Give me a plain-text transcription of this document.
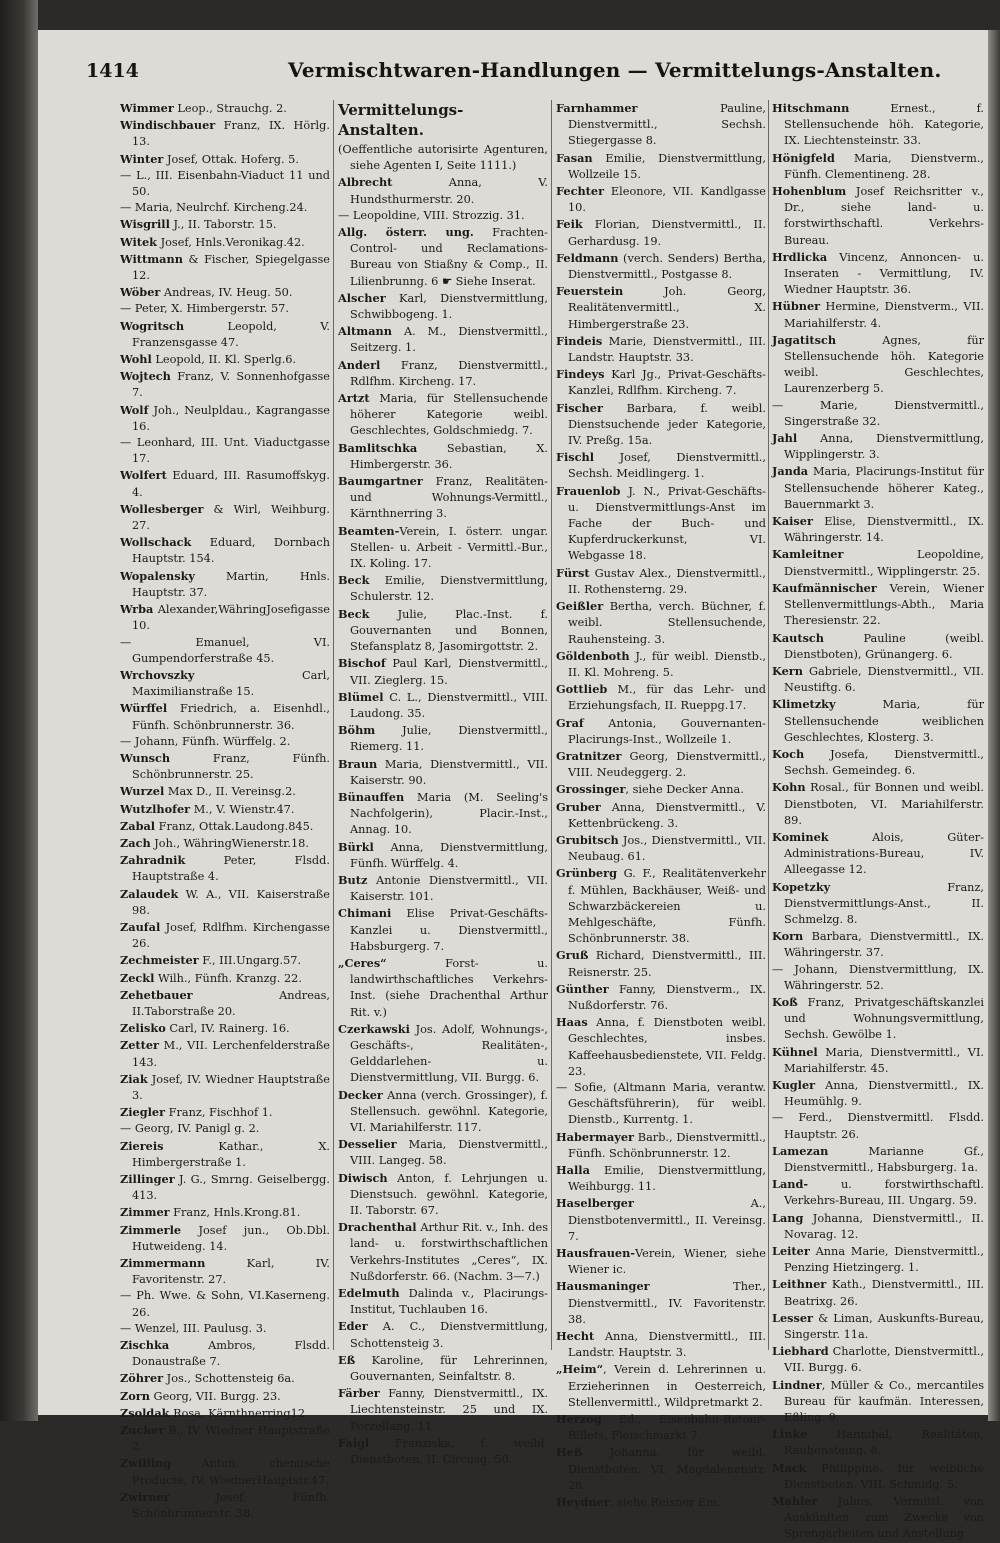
1414	Vermischtwaren-Handlungen — Vermittelungs-Anstalten.

Wimmer Leop., Strauchg. 2.

Windischbauer Franz, IX. Hörlg. 13.

Winter Josef, Ottak. Hoferg. 5.

— L., III. Eisenbahn-Viaduct 11 und 50.

— Maria, Neulrchf. Kircheng.24.

Wisgrill J., II. Taborstr. 15.

Witek Josef, Hnls.Veronikag.42.

Wittmann & Fischer, Spiegelgasse 12.

Wöber Andreas, IV. Heug. 50.

— Peter, X. Himbergerstr. 57.

Wogritsch Leopold, V. Franzensgasse 47.

Wohl Leopold, II. Kl. Sperlg.6.

Wojtech Franz, V. Sonnenhofgasse 7.

Wolf Joh., Neulpldau., Kagrangasse 16.

— Leonhard, III. Unt. Viaductgasse 17.

Wolfert Eduard, III. Rasumoffskyg. 4.

Wollesberger & Wirl, Weihburg. 27.

Wollschack Eduard, Dornbach Hauptstr. 154.

Wopalensky Martin, Hnls. Hauptstr. 37.

Wrba Alexander,WähringJosefigasse 10.

— Emanuel, VI. Gumpendorferstraße 45.

Wrchovszky Carl, Maximilianstraße 15.

Würffel Friedrich, a. Eisenhdl., Fünfh. Schönbrunnerstr. 36.

— Johann, Fünfh. Würffelg. 2.

Wunsch Franz, Fünfh. Schönbrunnerstr. 25.

Wurzel Max D., II. Vereinsg.2.

Wutzlhofer M., V. Wienstr.47.

Zabal Franz, Ottak.Laudong.845.

Zach Joh., WähringWienerstr.18.

Zahradnik Peter, Flsdd. Hauptstraße 4.

Zalaudek W. A., VII. Kaiserstraße 98.

Zaufal Josef, Rdlfhm. Kirchengasse 26.

Zechmeister F., III.Ungarg.57.

Zeckl Wilh., Fünfh. Kranzg. 22.

Zehetbauer Andreas, II.Taborstraße 20.

Zelisko Carl, IV. Rainerg. 16.

Zetter M., VII. Lerchenfelderstraße 143.

Ziak Josef, IV. Wiedner Hauptstraße 3.

Ziegler Franz, Fischhof 1.

— Georg, IV. Panigl g. 2.

Ziereis Kathar., X. Himbergerstraße 1.

Zillinger J. G., Smrng. Geiselbergg. 413.

Zimmer Franz, Hnls.Krong.81.

Zimmerle Josef jun., Ob.Dbl. Hutweideng. 14.

Zimmermann Karl, IV. Favoritenstr. 27.

— Ph. Wwe. & Sohn, VI.Kaserneng. 26.

— Wenzel, III. Paulusg. 3.

Zischka Ambros, Flsdd. Donaustraße 7.

Zöhrer Jos., Schottensteig 6a.

Zorn Georg, VII. Burgg. 23.

Zsoldak Rosa, Kärnthnerring12.

Zucker B., IV. Wiedner Hauptstraße 2.

Zwilling Anton, chemische Producte, IV. WiednerHauptstr.47.

Zwirner Josef, Fünfh. Schönbrunnerstr. 38.

Vermittelungs-Anstalten.
(Oeffentliche autorisirte Agenturen, siehe Agenten I, Seite 1111.)

Albrecht Anna, V. Hundsthurmerstr. 20.

— Leopoldine, VIII. Strozzig. 31.

Allg. österr. ung. Frachten-Control- und Reclamations-Bureau von Stiaßny & Comp., II. Lilienbrunng. 6 ☛ Siehe Inserat.

Alscher Karl, Dienstvermittlung, Schwibbogeng. 1.

Altmann A. M., Dienstvermittl., Seitzerg. 1.

Anderl Franz, Dienstvermittl., Rdlfhm. Kircheng. 17.

Artzt Maria, für Stellensuchende höherer Kategorie weibl. Geschlechtes, Goldschmiedg. 7.

Bamlitschka Sebastian, X. Himbergerstr. 36.

Baumgartner Franz, Realitäten- und Wohnungs-Vermittl., Kärnthnerring 3.

Beamten-Verein, I. österr. ungar. Stellen- u. Arbeit - Vermittl.-Bur., IX. Koling. 17.

Beck Emilie, Dienstvermittlung, Schulerstr. 12.

Beck Julie, Plac.-Inst. f. Gouvernanten und Bonnen, Stefansplatz 8, Jasomirgottstr. 2.

Bischof Paul Karl, Dienstvermittl., VII. Zieglerg. 15.

Blümel C. L., Dienstvermittl., VIII. Laudong. 35.

Böhm Julie, Dienstvermittl., Riemerg. 11.

Braun Maria, Dienstvermittl., VII. Kaiserstr. 90.

Bünauffen Maria (M. Seeling's Nachfolgerin), Placir.-Inst., Annag. 10.

Bürkl Anna, Dienstvermittlung, Fünfh. Würffelg. 4.

Butz Antonie Dienstvermittl., VII. Kaiserstr. 101.

Chimani Elise Privat-Geschäfts-Kanzlei u. Dienstvermittl., Habsburgerg. 7.

„Ceres“ Forst- u. landwirthschaftliches Verkehrs-Inst. (siehe Drachenthal Arthur Rit. v.)

Czerkawski Jos. Adolf, Wohnungs-, Geschäfts-, Realitäten-, Gelddarlehen- u. Dienstvermittlung, VII. Burgg. 6.

Decker Anna (verch. Grossinger), f. Stellensuch. gewöhnl. Kategorie, VI. Mariahilferstr. 117.

Desselier Maria, Dienstvermittl., VIII. Langeg. 58.

Diwisch Anton, f. Lehrjungen u. Dienstsuch. gewöhnl. Kategorie, II. Taborstr. 67.

Drachenthal Arthur Rit. v., Inh. des land- u. forstwirthschaftlichen Verkehrs-Institutes „Ceres“, IX. Nußdorferstr. 66. (Nachm. 3—7.)

Edelmuth Dalinda v., Placirungs-Institut, Tuchlauben 16.

Eder A. C., Dienstvermittlung, Schottensteig 3.

Eß Karoline, für Lehrerinnen, Gouvernanten, Seinfaltstr. 8.

Färber Fanny, Dienstvermittl., IX. Liechtensteinstr. 25 und IX. Porzellang. 11.

Faigl Franziska, f. weibl. Dienstboten, II. Circusg. 50.

Farnhammer Pauline, Dienstvermittl., Sechsh. Stiegergasse 8.

Fasan Emilie, Dienstvermittlung, Wollzeile 15.

Fechter Eleonore, VII. Kandlgasse 10.

Feik Florian, Dienstvermittl., II. Gerhardusg. 19.

Feldmann (verch. Senders) Bertha, Dienstvermittl., Postgasse 8.

Feuerstein Joh. Georg, Realitätenvermittl., X. Himbergerstraße 23.

Findeis Marie, Dienstvermittl., III. Landstr. Hauptstr. 33.

Findeys Karl Jg., Privat-Geschäfts-Kanzlei, Rdlfhm. Kircheng. 7.

Fischer Barbara, f. weibl. Dienstsuchende jeder Kategorie, IV. Preßg. 15a.

Fischl Josef, Dienstvermittl., Sechsh. Meidlingerg. 1.

Frauenlob J. N., Privat-Geschäfts- u. Dienstvermittlungs-Anst im Fache der Buch- und Kupferdruckerkunst, VI. Webgasse 18.

Fürst Gustav Alex., Dienstvermittl., II. Rothensterng. 29.

Geißler Bertha, verch. Büchner, f. weibl. Stellensuchende, Rauhensteing. 3.

Göldenboth J., für weibl. Dienstb., II. Kl. Mohreng. 5.

Gottlieb M., für das Lehr- und Erziehungsfach, II. Rueppg.17.

Graf Antonia, Gouvernanten-Placirungs-Inst., Wollzeile 1.

Gratnitzer Georg, Dienstvermittl., VIII. Neudeggerg. 2.

Grossinger, siehe Decker Anna.

Gruber Anna, Dienstvermittl., V. Kettenbrückeng. 3.

Grubitsch Jos., Dienstvermittl., VII. Neubaug. 61.

Grünberg G. F., Realitätenverkehr f. Mühlen, Backhäuser, Weiß- und Schwarzbäckereien u. Mehlgeschäfte, Fünfh. Schönbrunnerstr. 38.

Gruß Richard, Dienstvermittl., III. Reisnerstr. 25.

Günther Fanny, Dienstverm., IX. Nußdorferstr. 76.

Haas Anna, f. Dienstboten weibl. Geschlechtes, insbes. Kaffeehausbedienstete, VII. Feldg. 23.

— Sofie, (Altmann Maria, verantw. Geschäftsführerin), für weibl. Dienstb., Kurrentg. 1.

Habermayer Barb., Dienstvermittl., Fünfh. Schönbrunnerstr. 12.

Halla Emilie, Dienstvermittlung, Weihburgg. 11.

Haselberger A., Dienstbotenvermittl., II. Vereinsg. 7.

Hausfrauen-Verein, Wiener, siehe Wiener ic.

Hausmaninger Ther., Dienstvermittl., IV. Favoritenstr. 38.

Hecht Anna, Dienstvermittl., III. Landstr. Hauptstr. 3.

„Heim“, Verein d. Lehrerinnen u. Erzieherinnen in Oesterreich, Stellenvermittl., Wildpretmarkt 2.

Herzog Ed., Eisenbahn-Retour-Billets, Fleischmarkt 7.

Heß Johanna, für weibl. Dienstboten, VI. Magdalenenstr. 28.

Heydner, siehe Reisner Em.

Hitschmann Ernest., f. Stellensuchende höh. Kategorie, IX. Liechtensteinstr. 33.

Hönigfeld Maria, Dienstverm., Fünfh. Clementineng. 28.

Hohenblum Josef Reichsritter v., Dr., siehe land- u. forstwirthschaftl. Verkehrs-Bureau.

Hrdlicka Vincenz, Annoncen- u. Inseraten - Vermittlung, IV. Wiedner Hauptstr. 36.

Hübner Hermine, Dienstverm., VII. Mariahilferstr. 4.

Jagatitsch Agnes, für Stellensuchende höh. Kategorie weibl. Geschlechtes, Laurenzerberg 5.

— Marie, Dienstvermittl., Singerstraße 32.

Jahl Anna, Dienstvermittlung, Wipplingerstr. 3.

Janda Maria, Placirungs-Institut für Stellensuchende höherer Kateg., Bauernmarkt 3.

Kaiser Elise, Dienstvermittl., IX. Währingerstr. 14.

Kamleitner Leopoldine, Dienstvermittl., Wipplingerstr. 25.

Kaufmännischer Verein, Wiener Stellenvermittlungs-Abth., Maria Theresienstr. 22.

Kautsch Pauline (weibl. Dienstboten), Grünangerg. 6.

Kern Gabriele, Dienstvermittl., VII. Neustiftg. 6.

Klimetzky Maria, für Stellensuchende weiblichen Geschlechtes, Klosterg. 3.

Koch Josefa, Dienstvermittl., Sechsh. Gemeindeg. 6.

Kohn Rosal., für Bonnen und weibl. Dienstboten, VI. Mariahilferstr. 89.

Kominek Alois, Güter-Administrations-Bureau, IV. Alleegasse 12.

Kopetzky Franz, Dienstvermittlungs-Anst., II. Schmelzg. 8.

Korn Barbara, Dienstvermittl., IX. Währingerstr. 37.

— Johann, Dienstvermittlung, IX. Währingerstr. 52.

Koß Franz, Privatgeschäftskanzlei und Wohnungsvermittlung, Sechsh. Gewölbe 1.

Kühnel Maria, Dienstvermittl., VI. Mariahilferstr. 45.

Kugler Anna, Dienstvermittl., IX. Heumühlg. 9.

— Ferd., Dienstvermittl. Flsdd. Hauptstr. 26.

Lamezan Marianne Gf., Dienstvermittl., Habsburgerg. 1a.

Land- u. forstwirthschaftl. Verkehrs-Bureau, III. Ungarg. 59.

Lang Johanna, Dienstvermittl., II. Novarag. 12.

Leiter Anna Marie, Dienstvermittl., Penzing Hietzingerg. 1.

Leithner Kath., Dienstvermittl., III. Beatrixg. 26.

Lesser & Liman, Auskunfts-Bureau, Singerstr. 11a.

Liebhard Charlotte, Dienstvermittl., VII. Burgg. 6.

Lindner, Müller & Co., mercantiles Bureau für kaufmän. Interessen, Eßling. 9.

Linke Hannibal, Realitäten, Rauhensteing. 8.

Mack Philippine, für weibliche Dienstboten, VIII. Schmidg. 5.

Mahler Julius, Vermittl. von Auskünften zum Zwecke von Sprengarbeiten und Anstellung
